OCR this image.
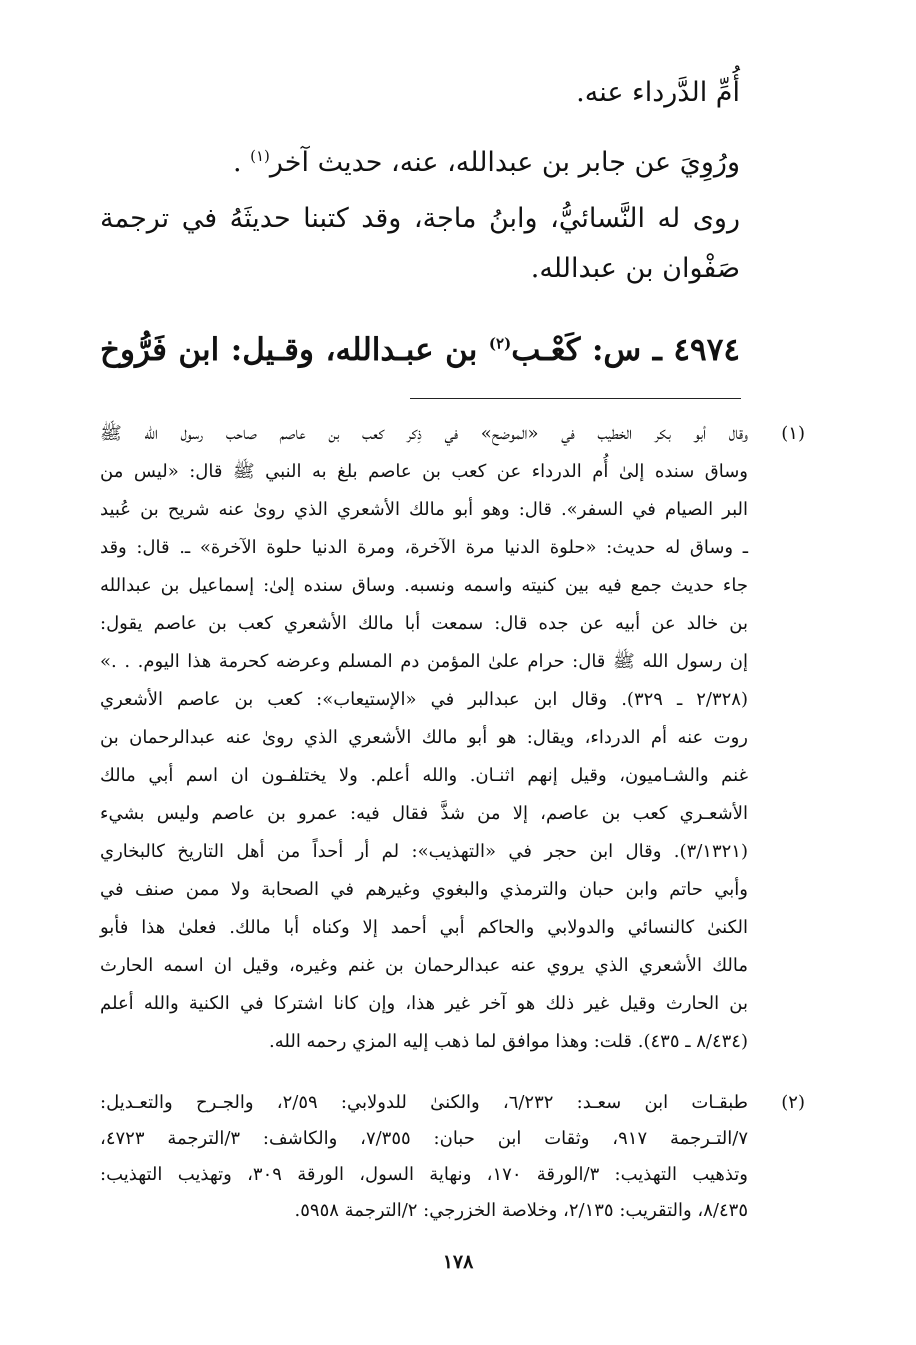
أُمِّ الدَّرداء عنه.
ورُوِيَ عن جابر بن عبدالله، عنه، حديث آخر$^{(١)}$ .
روى له النَّسائيُّ، وابنُ ماجة، وقد كتبنا حديثَهُ في ترجمة
صَفْوان بن عبدالله.
٤٩٧٤ ـ س: كَعْـب$^{(٢)}$ بن عبـدالله، وقـيل: ابن فَرُّوخ
(١)
وقال أبو بكر الخطيب في «الموضح» في ذِكر كعب بن عاصم صاحب رسول الله ﷺ
وساق سنده إلىٰ أُم الدرداء عن كعب بن عاصم بلغ به النبي ﷺ قال: «ليس من
البر الصيام في السفر». قال: وهو أبو مالك الأشعري الذي روىٰ عنه شريح بن عُبيد
ـ وساق له حديث: «حلوة الدنيا مرة الآخرة، ومرة الدنيا حلوة الآخرة» ـ. قال: وقد
جاء حديث جمع فيه بين كنيته واسمه ونسبه. وساق سنده إلىٰ: إسماعيل بن عبدالله
بن خالد عن أبيه عن جده قال: سمعت أبا مالك الأشعري كعب بن عاصم يقول:
إن رسول الله ﷺ قال: حرام علىٰ المؤمن دم المسلم وعرضه كحرمة هذا اليوم. . .»
(٢/٣٢٨ ـ ٣٢٩). وقال ابن عبدالبر في «الإستيعاب»: كعب بن عاصم الأشعري
روت عنه أم الدرداء، ويقال: هو أبو مالك الأشعري الذي روىٰ عنه عبدالرحمان بن
غنم والشـاميون، وقيل إنهم اثنـان. والله أعلم. ولا يختلفـون ان اسم أبي مالك
الأشعـري كعب بن عاصم، إلا من شذَّ فقال فيه: عمرو بن عاصم وليس بشيء
(٣/١٣٢١). وقال ابن حجر في «التهذيب»: لم أر أحداً من أهل التاريخ كالبخاري
وأبي حاتم وابن حبان والترمذي والبغوي وغيرهم في الصحابة ولا ممن صنف في
الكنىٰ كالنسائي والدولابي والحاكم أبي أحمد إلا وكناه أبا مالك. فعلىٰ هذا فأبو
مالك الأشعري الذي يروي عنه عبدالرحمان بن غنم وغيره، وقيل ان اسمه الحارث
بن الحارث وقيل غير ذلك هو آخر غير هذا، وإن كانا اشتركا في الكنية والله أعلم
(٨/٤٣٤ ـ ٤٣٥). قلت: وهذا موافق لما ذهب إليه المزي رحمه الله.
(٢)
طبقـات ابن سعـد: ٦/٢٣٢، والكنىٰ للدولابي: ٢/٥٩، والجـرح والتعـديل:
٧/التـرجمة ٩١٧، وثقات ابن حبان: ٧/٣٥٥، والكاشف: ٣/الترجمة ٤٧٢٣،
وتذهيب التهذيب: ٣/الورقة ١٧٠، ونهاية السول، الورقة ٣٠٩، وتهذيب التهذيب:
٨/٤٣٥، والتقريب: ٢/١٣٥، وخلاصة الخزرجي: ٢/الترجمة ٥٩٥٨.
١٧٨
